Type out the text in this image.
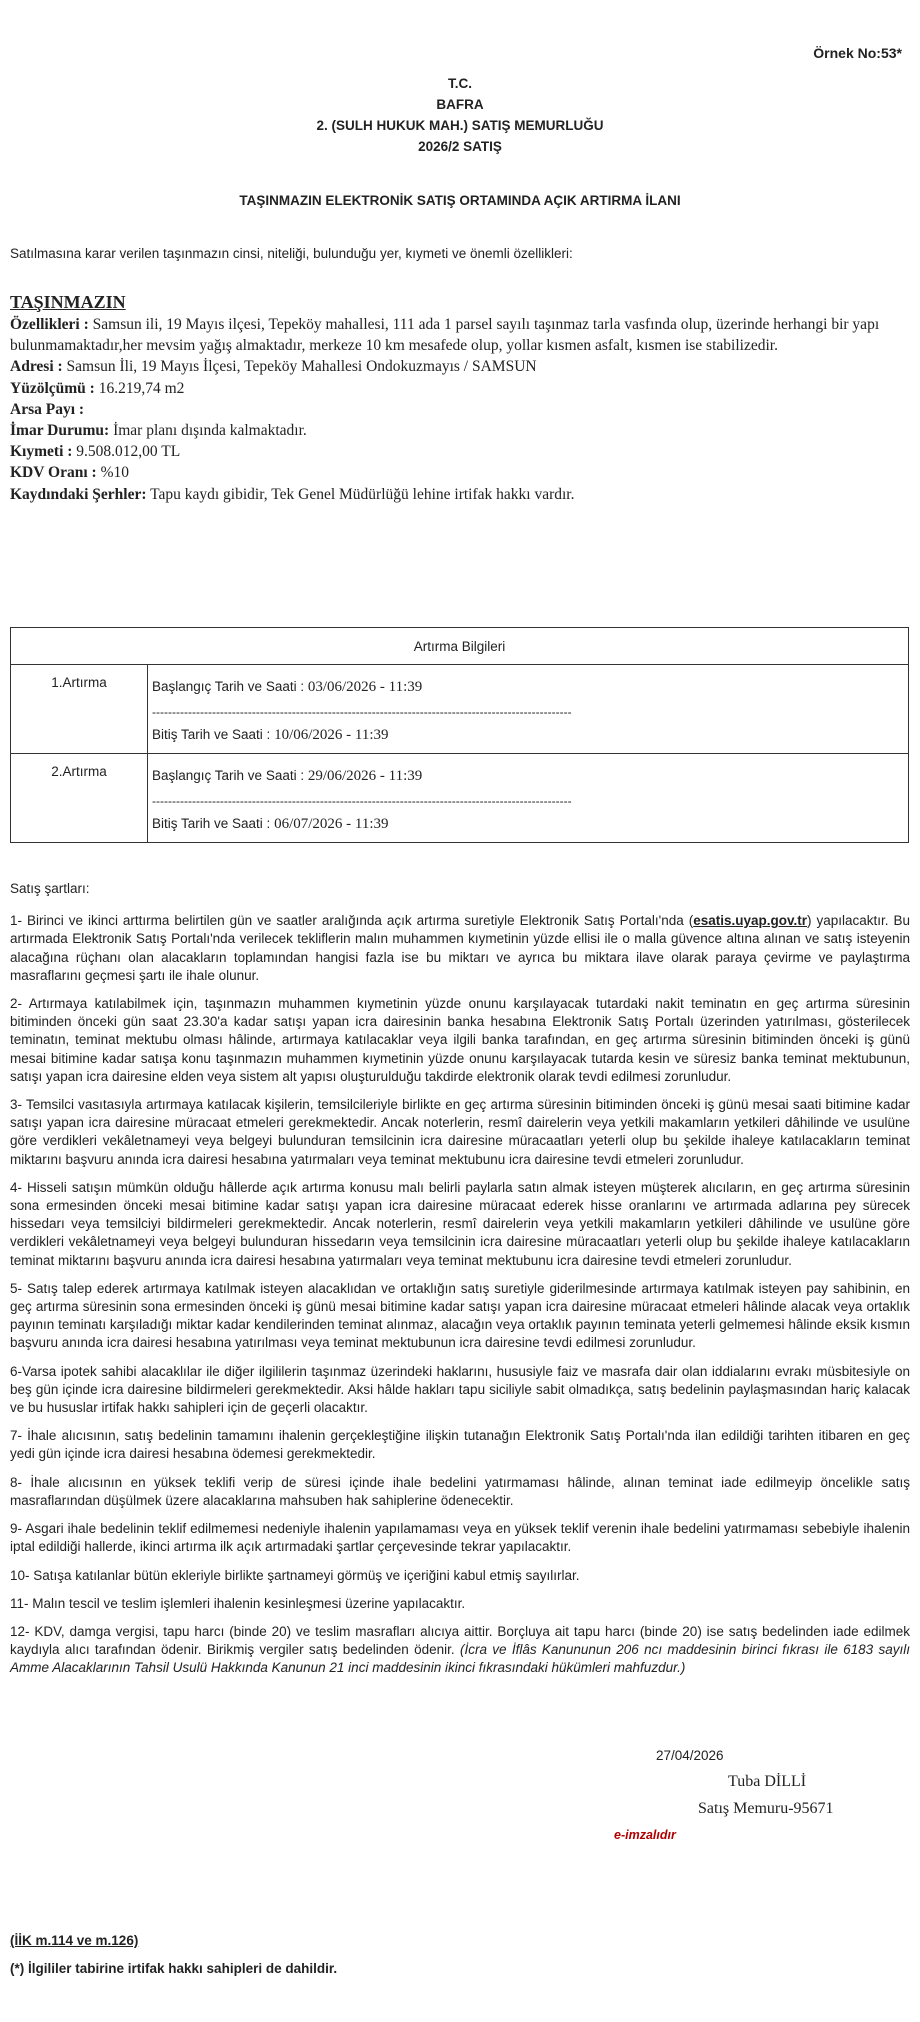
Örnek No:53*
T.C.
BAFRA
2. (SULH HUKUK MAH.) SATIŞ MEMURLUĞU
2026/2 SATIŞ
TAŞINMAZIN ELEKTRONİK SATIŞ ORTAMINDA AÇIK ARTIRMA İLANI
Satılmasına karar verilen taşınmazın cinsi, niteliği, bulunduğu yer, kıymeti ve önemli özellikleri:
TAŞINMAZIN
Özellikleri : Samsun ili, 19 Mayıs ilçesi, Tepeköy mahallesi, 111 ada 1 parsel sayılı taşınmaz tarla vasfında olup, üzerinde herhangi bir yapı bulunmamaktadır,her mevsim yağış almaktadır, merkeze 10 km mesafede olup, yollar kısmen asfalt, kısmen ise stabilizedir.
Adresi : Samsun İli, 19 Mayıs İlçesi, Tepeköy Mahallesi Ondokuzmayıs / SAMSUN
Yüzölçümü : 16.219,74 m2
Arsa Payı :
İmar Durumu: İmar planı dışında kalmaktadır.
Kıymeti : 9.508.012,00 TL
KDV Oranı : %10
Kaydındaki Şerhler: Tapu kaydı gibidir, Tek Genel Müdürlüğü lehine irtifak hakkı vardır.
Artırma Bilgileri	
1.Artırma	Başlangıç Tarih ve Saati : 03/06/2026 - 11:39
---------------------------------------------------------------------------------------------------------
Bitiş Tarih ve Saati : 10/06/2026 - 11:39

2.Artırma	Başlangıç Tarih ve Saati : 29/06/2026 - 11:39
---------------------------------------------------------------------------------------------------------
Bitiş Tarih ve Saati : 06/07/2026 - 11:39

Satış şartları:

1- Birinci ve ikinci arttırma belirtilen gün ve saatler aralığında açık artırma suretiyle Elektronik Satış Portalı'nda (esatis.uyap.gov.tr) yapılacaktır. Bu artırmada Elektronik Satış Portalı'nda verilecek tekliflerin malın muhammen kıymetinin yüzde ellisi ile o malla güvence altına alınan ve satış isteyenin alacağına rüçhanı olan alacakların toplamından hangisi fazla ise bu miktarı ve ayrıca bu miktara ilave olarak paraya çevirme ve paylaştırma masraflarını geçmesi şartı ile ihale olunur.

2- Artırmaya katılabilmek için, taşınmazın muhammen kıymetinin yüzde onunu karşılayacak tutardaki nakit teminatın en geç artırma süresinin bitiminden önceki gün saat 23.30'a kadar satışı yapan icra dairesinin banka hesabına Elektronik Satış Portalı üzerinden yatırılması, gösterilecek teminatın, teminat mektubu olması hâlinde, artırmaya katılacaklar veya ilgili banka tarafından, en geç artırma süresinin bitiminden önceki iş günü mesai bitimine kadar satışa konu taşınmazın muhammen kıymetinin yüzde onunu karşılayacak tutarda kesin ve süresiz banka teminat mektubunun, satışı yapan icra dairesine elden veya sistem alt yapısı oluşturulduğu takdirde elektronik olarak tevdi edilmesi zorunludur.

3- Temsilci vasıtasıyla artırmaya katılacak kişilerin, temsilcileriyle birlikte en geç artırma süresinin bitiminden önceki iş günü mesai saati bitimine kadar satışı yapan icra dairesine müracaat etmeleri gerekmektedir. Ancak noterlerin, resmî dairelerin veya yetkili makamların yetkileri dâhilinde ve usulüne göre verdikleri vekâletnameyi veya belgeyi bulunduran temsilcinin icra dairesine müracaatları yeterli olup bu şekilde ihaleye katılacakların teminat miktarını başvuru anında icra dairesi hesabına yatırmaları veya teminat mektubunu icra dairesine tevdi etmeleri zorunludur.

4- Hisseli satışın mümkün olduğu hâllerde açık artırma konusu malı belirli paylarla satın almak isteyen müşterek alıcıların, en geç artırma süresinin sona ermesinden önceki mesai bitimine kadar satışı yapan icra dairesine müracaat ederek hisse oranlarını ve artırmada adlarına pey sürecek hissedarı veya temsilciyi bildirmeleri gerekmektedir. Ancak noterlerin, resmî dairelerin veya yetkili makamların yetkileri dâhilinde ve usulüne göre verdikleri vekâletnameyi veya belgeyi bulunduran hissedarın veya temsilcinin icra dairesine müracaatları yeterli olup bu şekilde ihaleye katılacakların teminat miktarını başvuru anında icra dairesi hesabına yatırmaları veya teminat mektubunu icra dairesine tevdi etmeleri zorunludur.

5- Satış talep ederek artırmaya katılmak isteyen alacaklıdan ve ortaklığın satış suretiyle giderilmesinde artırmaya katılmak isteyen pay sahibinin, en geç artırma süresinin sona ermesinden önceki iş günü mesai bitimine kadar satışı yapan icra dairesine müracaat etmeleri hâlinde alacak veya ortaklık payının teminatı karşıladığı miktar kadar kendilerinden teminat alınmaz, alacağın veya ortaklık payının teminata yeterli gelmemesi hâlinde eksik kısmın başvuru anında icra dairesi hesabına yatırılması veya teminat mektubunun icra dairesine tevdi edilmesi zorunludur.

6-Varsa ipotek sahibi alacaklılar ile diğer ilgililerin taşınmaz üzerindeki haklarını, hususiyle faiz ve masrafa dair olan iddialarını evrakı müsbitesiyle on beş gün içinde icra dairesine bildirmeleri gerekmektedir. Aksi hâlde hakları tapu siciliyle sabit olmadıkça, satış bedelinin paylaşmasından hariç kalacak ve bu hususlar irtifak hakkı sahipleri için de geçerli olacaktır.

7- İhale alıcısının, satış bedelinin tamamını ihalenin gerçekleştiğine ilişkin tutanağın Elektronik Satış Portalı'nda ilan edildiği tarihten itibaren en geç yedi gün içinde icra dairesi hesabına ödemesi gerekmektedir.

8- İhale alıcısının en yüksek teklifi verip de süresi içinde ihale bedelini yatırmaması hâlinde, alınan teminat iade edilmeyip öncelikle satış masraflarından düşülmek üzere alacaklarına mahsuben hak sahiplerine ödenecektir.

9- Asgari ihale bedelinin teklif edilmemesi nedeniyle ihalenin yapılamaması veya en yüksek teklif verenin ihale bedelini yatırmaması sebebiyle ihalenin iptal edildiği hallerde, ikinci artırma ilk açık artırmadaki şartlar çerçevesinde tekrar yapılacaktır.

10- Satışa katılanlar bütün ekleriyle birlikte şartnameyi görmüş ve içeriğini kabul etmiş sayılırlar.

11- Malın tescil ve teslim işlemleri ihalenin kesinleşmesi üzerine yapılacaktır.

12- KDV, damga vergisi, tapu harcı (binde 20) ve teslim masrafları alıcıya aittir. Borçluya ait tapu harcı (binde 20) ise satış bedelinden iade edilmek kaydıyla alıcı tarafından ödenir. Birikmiş vergiler satış bedelinden ödenir. (İcra ve İflâs Kanununun 206 ncı maddesinin birinci fıkrası ile 6183 sayılı Amme Alacaklarının Tahsil Usulü Hakkında Kanunun 21 inci maddesinin ikinci fıkrasındaki hükümleri mahfuzdur.)

27/04/2026
Tuba DİLLİ
Satış Memuru-95671
e-imzalıdır
(İİK m.114 ve m.126)
(*) İlgililer tabirine irtifak hakkı sahipleri de dahildir.
